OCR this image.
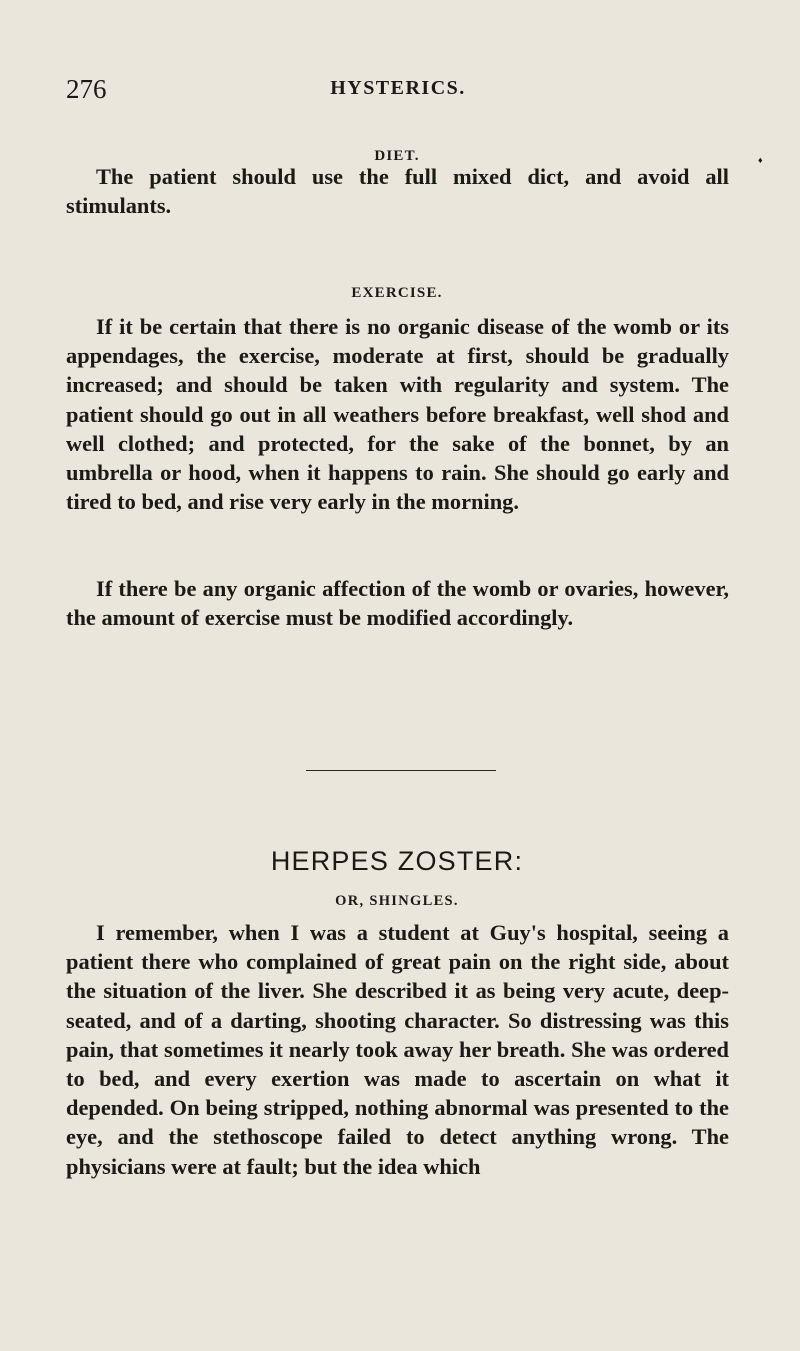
276	HYSTERICS.
♦
DIET.

The patient should use the full mixed dict, and avoid all stimulants.

EXERCISE.

If it be certain that there is no organic disease of the womb or its appendages, the exercise, moderate at first, should be gradually increased; and should be taken with regularity and system. The patient should go out in all weathers before breakfast, well shod and well clothed; and protected, for the sake of the bonnet, by an umbrella or hood, when it happens to rain. She should go early and tired to bed, and rise very early in the morning.

If there be any organic affection of the womb or ovaries, however, the amount of exercise must be modified accordingly.

HERPES ZOSTER:
OR, SHINGLES.

I remember, when I was a student at Guy's hospital, seeing a patient there who complained of great pain on the right side, about the situation of the liver. She described it as being very acute, deep-seated, and of a darting, shooting character. So distressing was this pain, that sometimes it nearly took away her breath. She was ordered to bed, and every exertion was made to ascertain on what it depended. On being stripped, nothing abnormal was presented to the eye, and the stethoscope failed to detect anything wrong. The physicians were at fault; but the idea which
